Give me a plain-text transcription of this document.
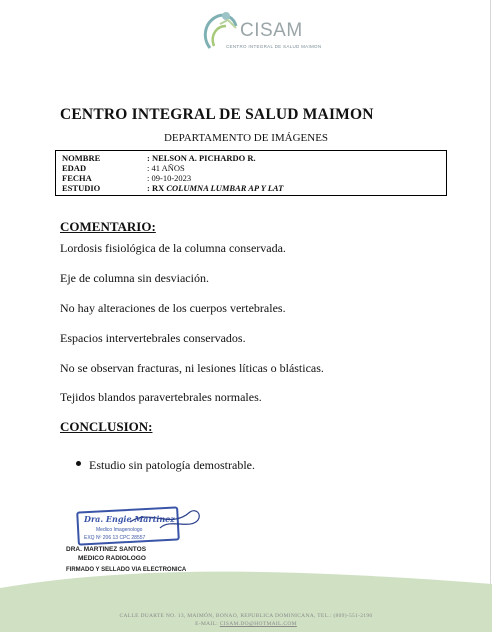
CISAM
CENTRO INTEGRAL DE SALUD MAIMON
CENTRO INTEGRAL DE SALUD MAIMON
DEPARTAMENTO DE IMÁGENES
NOMBRE	: NELSON A. PICHARDO R.
EDAD	: 41 AÑOS
FECHA	: 09-10-2023
ESTUDIO	: RX COLUMNA LUMBAR AP Y LAT
COMENTARIO:
Lordosis fisiológica de la columna conservada.
Eje de columna sin desviación.
No hay alteraciones de los cuerpos vertebrales.
Espacios intervertebrales conservados.
No se observan fracturas, ni lesiones líticas o blásticas.
Tejidos blandos paravertebrales normales.
CONCLUSION:
Estudio sin patología demostrable.
Dra. Engie Martinez
Medico Imagenologo
EXQ Nº 206 13 CPC 28557
DRA. MARTINEZ SANTOS
MEDICO RADIOLOGO
FIRMADO Y SELLADO VIA ELECTRONICA
CALLE DUARTE NO. 13, MAIMÓN, BONAO, REPUBLICA DOMINICANA, TEL.: (809)-551-2196
E-MAIL: CISAM.DO@HOTMAIL.COM
